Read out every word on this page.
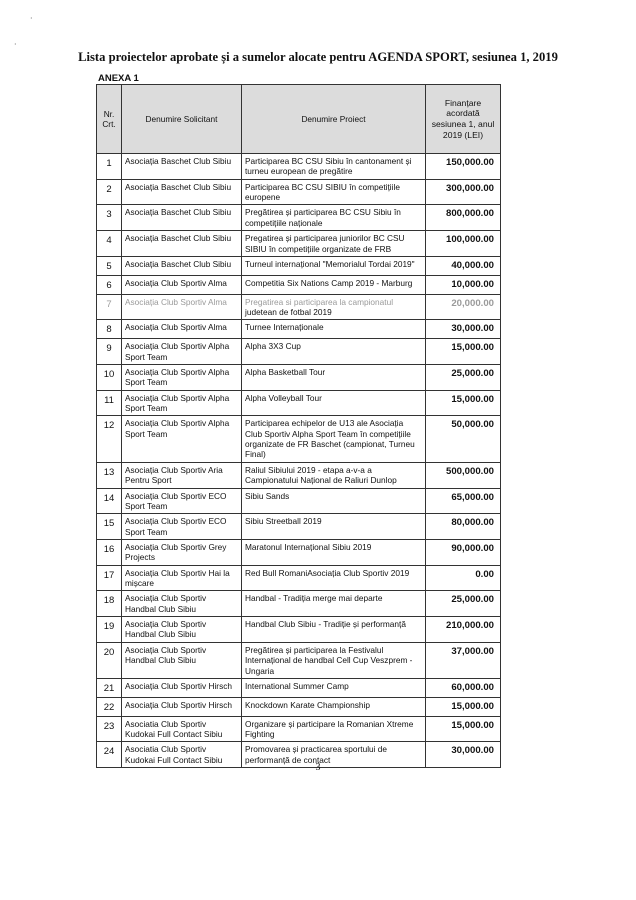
·
·
Lista proiectelor aprobate și a sumelor alocate pentru AGENDA SPORT, sesiunea 1, 2019
ANEXA 1
Nr. Crt.	Denumire Solicitant	Denumire Proiect	Finanțare acordată sesiunea 1, anul 2019 (LEI)
1	Asociația Baschet Club Sibiu	Participarea BC CSU Sibiu în cantonament și turneu european de pregătire	150,000.00
2	Asociația Baschet Club Sibiu	Participarea BC CSU SIBIU în competițiile europene	300,000.00
3	Asociația Baschet Club Sibiu	Pregătirea și participarea BC CSU Sibiu în competițiile naționale	800,000.00
4	Asociația Baschet Club Sibiu	Pregatirea și participarea juniorilor BC CSU SIBIU în competițiile organizate de FRB	100,000.00
5	Asociația Baschet Club Sibiu	Turneul internațional "Memorialul Tordai 2019"	40,000.00
6	Asociația Club Sportiv Alma	Competitia Six Nations Camp 2019 - Marburg	10,000.00
7	Asociația Club Sportiv Alma	Pregatirea si participarea la campionatul
judetean de fotbal 2019	20,000.00
8	Asociația Club Sportiv Alma	Turnee Internaționale	30,000.00
9	Asociația Club Sportiv Alpha Sport Team	Alpha 3X3 Cup	15,000.00
10	Asociația Club Sportiv Alpha Sport Team	Alpha Basketball Tour	25,000.00
11	Asociația Club Sportiv Alpha Sport Team	Alpha Volleyball Tour	15,000.00
12	Asociația Club Sportiv Alpha Sport Team	Participarea echipelor de U13 ale Asociația Club Sportiv Alpha Sport Team în competițiile organizate de FR Baschet (campionat, Turneu Final)	50,000.00
13	Asociația Club Sportiv Aria Pentru Sport	Raliul Sibiului 2019 - etapa a-v-a a Campionatului Național de Raliuri Dunlop	500,000.00
14	Asociația Club Sportiv ECO Sport Team	Sibiu Sands	65,000.00
15	Asociația Club Sportiv ECO Sport Team	Sibiu Streetball 2019	80,000.00
16	Asociația Club Sportiv Grey Projects	Maratonul Internațional Sibiu 2019	90,000.00
17	Asociația Club Sportiv Hai la mișcare	Red Bull RomaniAsociația Club Sportiv 2019	0.00
18	Asociația Club Sportiv Handbal Club Sibiu	Handbal - Tradiția merge mai departe	25,000.00
19	Asociația Club Sportiv Handbal Club Sibiu	Handbal Club Sibiu - Tradiție și performanță	210,000.00
20	Asociația Club Sportiv Handbal Club Sibiu	Pregătirea și participarea la Festivalul Internațional de handbal Cell Cup Veszprem - Ungaria	37,000.00
21	Asociația Club Sportiv Hirsch	International Summer Camp	60,000.00
22	Asociația Club Sportiv Hirsch	Knockdown Karate Championship	15,000.00
23	Asociatia Club Sportiv Kudokai Full Contact Sibiu	Organizare și participare la Romanian Xtreme Fighting	15,000.00
24	Asociatia Club Sportiv Kudokai Full Contact Sibiu	Promovarea și practicarea sportului de performanță de contact	30,000.00
3
